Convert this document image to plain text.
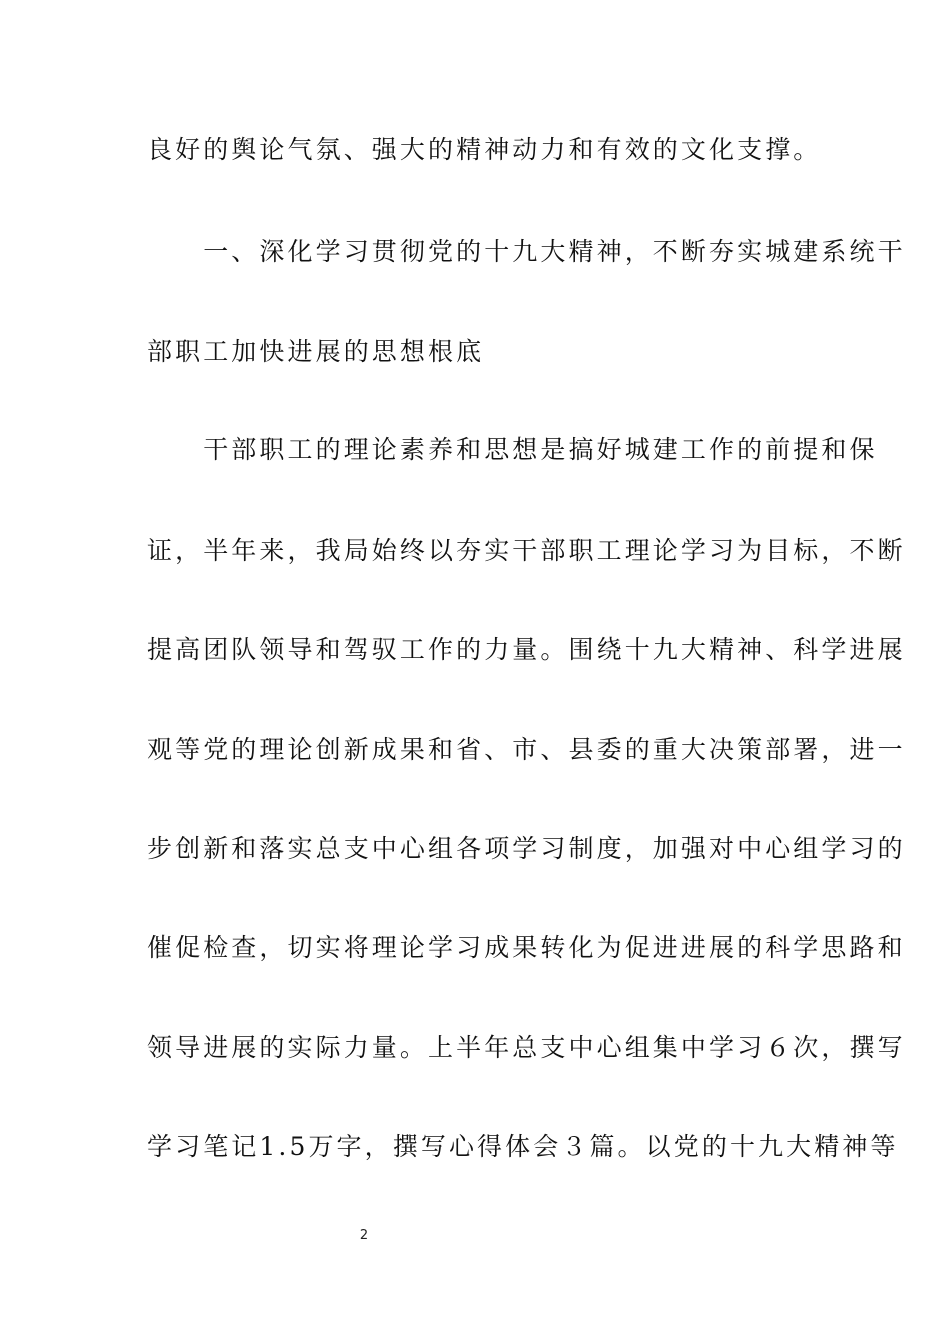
良好的舆论气氛、强大的精神动力和有效的文化支撑。
　　一、深化学习贯彻党的十九大精神，不断夯实城建系统干
部职工加快进展的思想根底
　　干部职工的理论素养和思想是搞好城建工作的前提和保
证，半年来，我局始终以夯实干部职工理论学习为目标，不断
提高团队领导和驾驭工作的力量。围绕十九大精神、科学进展
观等党的理论创新成果和省、市、县委的重大决策部署，进一
步创新和落实总支中心组各项学习制度，加强对中心组学习的
催促检查，切实将理论学习成果转化为促进进展的科学思路和
领导进展的实际力量。上半年总支中心组集中学习６次，撰写
学习笔记1.5万字，撰写心得体会３篇。以党的十九大精神等
2
